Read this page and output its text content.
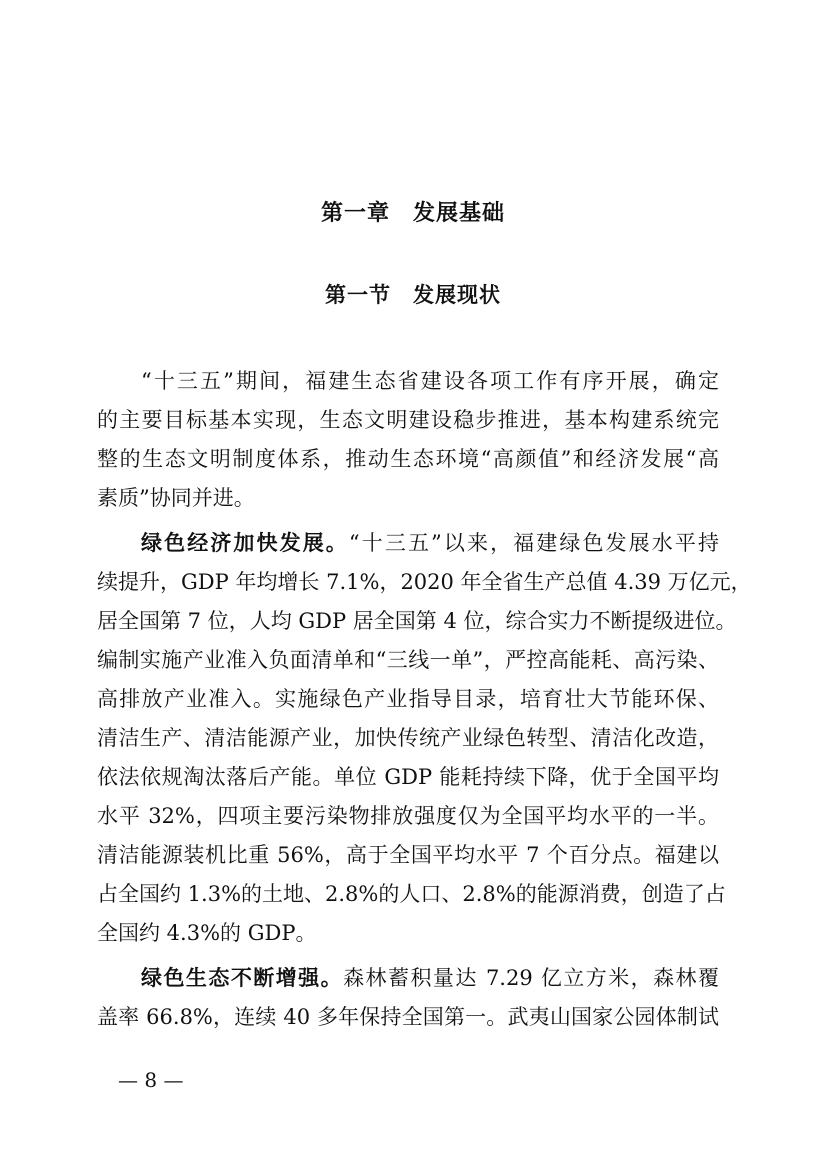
第一章　发展基础
第一节　发展现状
“十三五”期间，福建生态省建设各项工作有序开展，确定
的主要目标基本实现，生态文明建设稳步推进，基本构建系统完
整的生态文明制度体系，推动生态环境“高颜值”和经济发展“高
素质”协同并进。
绿色经济加快发展。“十三五”以来，福建绿色发展水平持
续提升，GDP 年均增长 7.1%，2020 年全省生产总值 4.39 万亿元，
居全国第 7 位，人均 GDP 居全国第 4 位，综合实力不断提级进位。
编制实施产业准入负面清单和“三线一单”，严控高能耗、高污染、
高排放产业准入。实施绿色产业指导目录，培育壮大节能环保、
清洁生产、清洁能源产业，加快传统产业绿色转型、清洁化改造，
依法依规淘汰落后产能。单位 GDP 能耗持续下降，优于全国平均
水平 32%，四项主要污染物排放强度仅为全国平均水平的一半。
清洁能源装机比重 56%，高于全国平均水平 7 个百分点。福建以
占全国约 1.3%的土地、2.8%的人口、2.8%的能源消费，创造了占
全国约 4.3%的 GDP。
绿色生态不断增强。森林蓄积量达 7.29 亿立方米，森林覆
盖率 66.8%，连续 40 多年保持全国第一。武夷山国家公园体制试
— 8 —
